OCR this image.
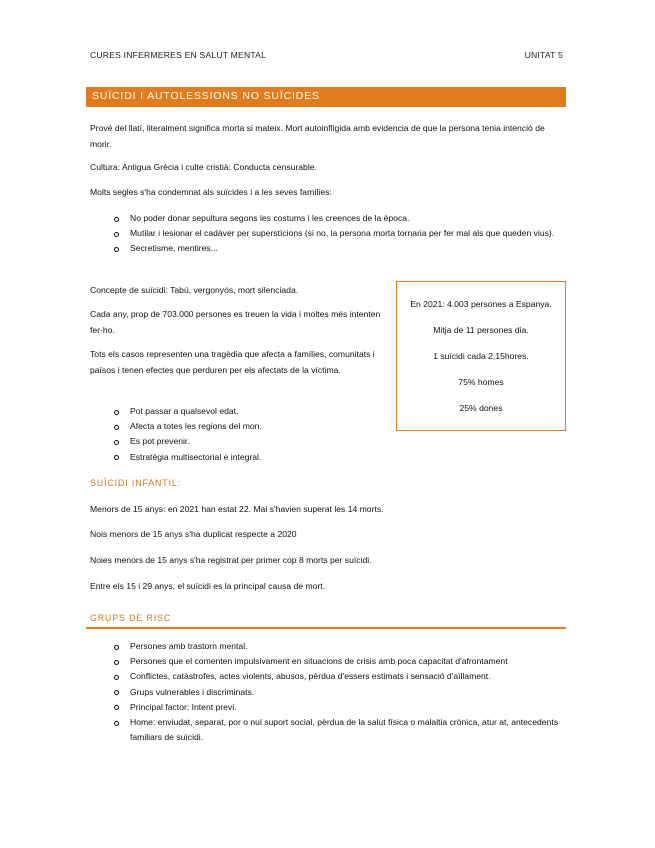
CURES INFERMERES EN SALUT MENTAL	UNITAT 5
SUÏCIDI I AUTOLESSIONS NO SUÏCIDES
Prové del llatí, literalment significa morta si mateix. Mort autoinfligida amb evidencia de que la persona tenia intenció de morir.
Cultura: Antigua Grècia i culte cristià: Conducta censurable.
Molts segles s'ha condemnat als suïcides i a les seves famílies:
No poder donar sepultura segons les costums i les creences de la època.
Mutilar i lesionar el cadàver per superstícions (si no, la persona morta tornaria per fer mal als que queden vius).
Secretisme, mentires...
Concepte de suïcidi: Tabú, vergonyós, mort silenciada.
Cada any, prop de 703.000 persones es treuen la vida i moltes més intenten fer-ho.
Tots els casos representen una tragèdia que afecta a famílies, comunitats i països i tenen efectes que perduren per els afectats de la víctima.
Pot passar a qualsevol edat.
Afecta a totes les regions del mon.
Es pot prevenir.
Estratègia multisectorial e integral.
En 2021: 4.003 persones a Espanya.
Mitja de 11 persones dia.
1 suïcidi cada 2,15hores.
75% homes
25% dones
SUÏCIDI INFANTIL:
Menors de 15 anys: en 2021 han estat 22. Mai s'havien superat les 14 morts.
Nois menors de 15 anys s'ha duplicat respecte a 2020
Noies menors de 15 anys s'ha registrat per primer cop 8 morts per suïcidi.
Entre els 15 i 29 anys, el suïcidi es la principal causa de mort.
GRUPS DE RISC
Persones amb trastorn mental.
Persones que el comenten impulsivament en situacions de crisis amb poca capacitat d'afrontament
Conflictes, catàstrofes, actes violents, abusos, pèrdua d'essers estimats i sensació d'aïllament.
Grups vulnerables i discriminats.
Principal factor: Intent previ.
Home: enviudat, separat, por o nul suport social, pèrdua de la salut física o malaltia crònica, atur at, antecedents familiars de suïcidi.
